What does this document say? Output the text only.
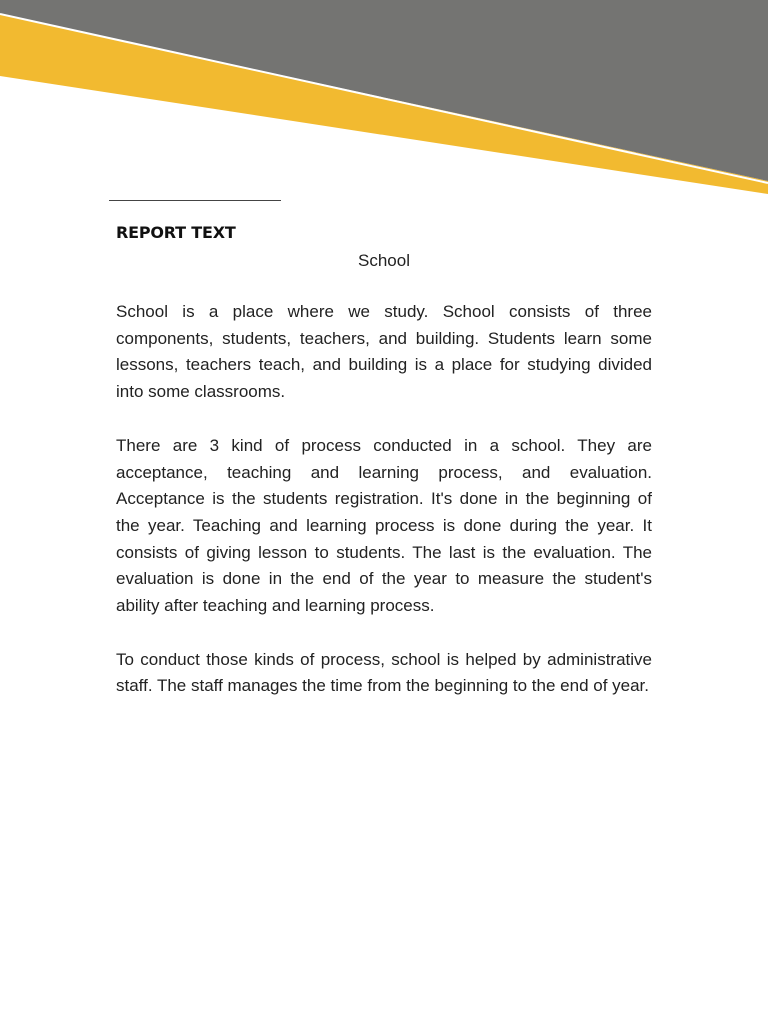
REPORT TEXT
School

School is a place where we study. School consists of three components, students, teachers, and building. Students learn some lessons, teachers teach, and building is a place for studying divided into some classrooms.

There are 3 kind of process conducted in a school. They are acceptance, teaching and learning process, and evaluation. Acceptance is the students registration. It's done in the beginning of the year. Teaching and learning process is done during the year. It consists of giving lesson to students. The last is the evaluation. The evaluation is done in the end of the year to measure the student's ability after teaching and learning process.

To conduct those kinds of process, school is helped by administrative staff. The staff manages the time from the beginning to the end of year.
